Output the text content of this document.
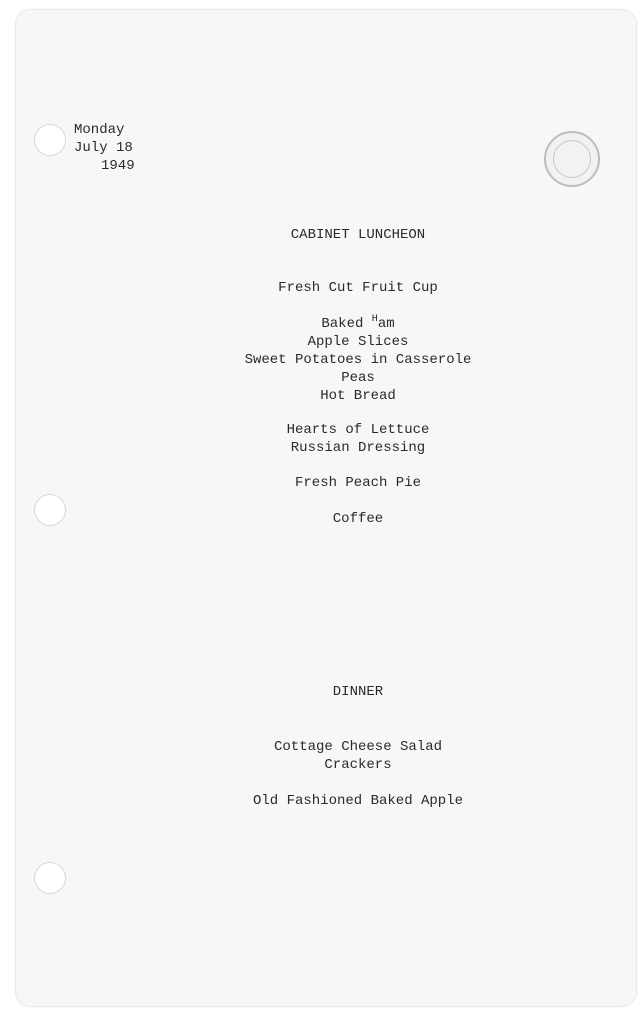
Monday
July 18
1949
CABINET LUNCHEON
Fresh Cut Fruit Cup
Baked $^H$am
Apple Slices
Sweet Potatoes in Casserole
Peas
Hot Bread
Hearts of Lettuce
Russian Dressing
Fresh Peach Pie
Coffee
DINNER
Cottage Cheese Salad
Crackers
Old Fashioned Baked Apple
